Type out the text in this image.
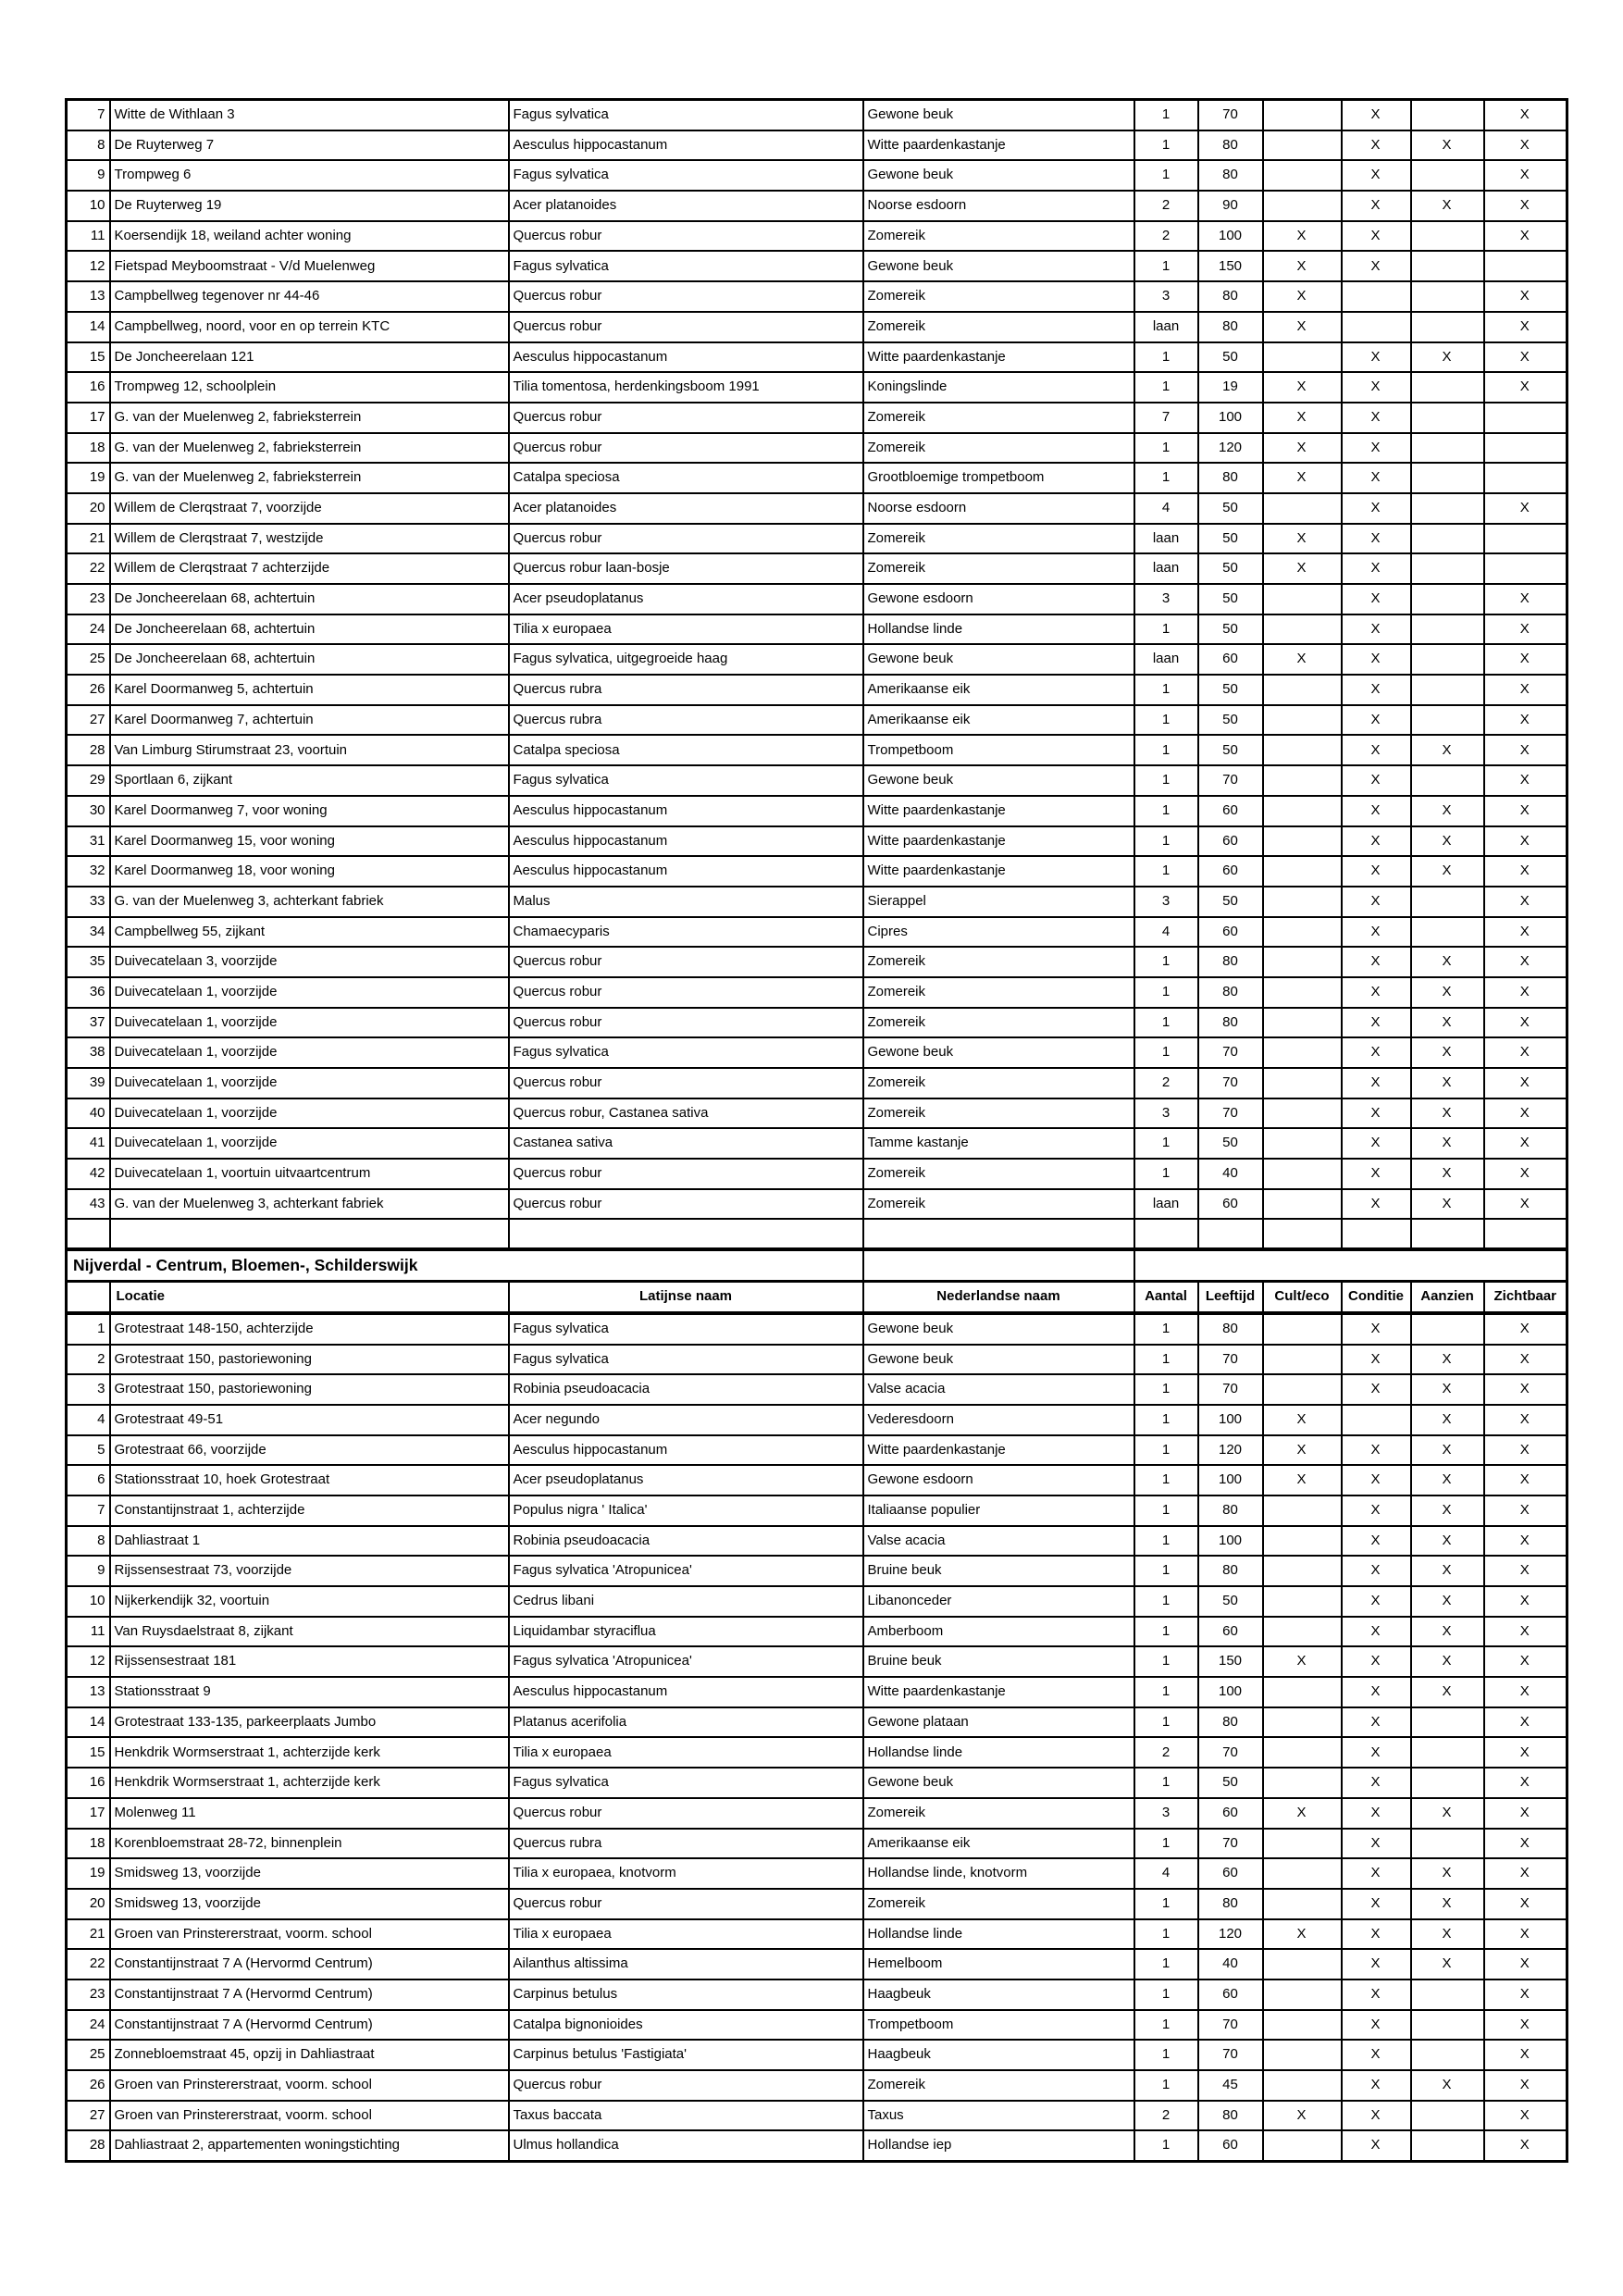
7	Witte de Withlaan 3	Fagus sylvatica	Gewone beuk	1	70		X		X
8	De Ruyterweg 7	Aesculus hippocastanum	Witte paardenkastanje	1	80		X	X	X
9	Trompweg 6	Fagus sylvatica	Gewone beuk	1	80		X		X
10	De Ruyterweg 19	Acer platanoides	Noorse esdoorn	2	90		X	X	X
11	Koersendijk 18, weiland achter woning	Quercus robur	Zomereik	2	100	X	X		X
12	Fietspad Meyboomstraat - V/d Muelenweg	Fagus sylvatica	Gewone beuk	1	150	X	X		
13	Campbellweg tegenover nr 44-46	Quercus robur	Zomereik	3	80	X			X
14	Campbellweg, noord, voor en op terrein KTC	Quercus robur	Zomereik	laan	80	X			X
15	De Joncheerelaan 121	Aesculus hippocastanum	Witte paardenkastanje	1	50		X	X	X
16	Trompweg 12, schoolplein	Tilia tomentosa, herdenkingsboom 1991	Koningslinde	1	19	X	X		X
17	G. van der Muelenweg 2, fabrieksterrein	Quercus robur	Zomereik	7	100	X	X		
18	G. van der Muelenweg 2, fabrieksterrein	Quercus robur	Zomereik	1	120	X	X		
19	G. van der Muelenweg 2, fabrieksterrein	Catalpa speciosa	Grootbloemige trompetboom	1	80	X	X		
20	Willem de Clerqstraat 7, voorzijde	Acer platanoides	Noorse esdoorn	4	50		X		X
21	Willem de Clerqstraat 7, westzijde	Quercus robur	Zomereik	laan	50	X	X		
22	Willem de Clerqstraat 7 achterzijde	Quercus robur laan-bosje	Zomereik	laan	50	X	X		
23	De Joncheerelaan 68, achtertuin	Acer pseudoplatanus	Gewone esdoorn	3	50		X		X
24	De Joncheerelaan 68, achtertuin	Tilia x europaea	Hollandse linde	1	50		X		X
25	De Joncheerelaan 68, achtertuin	Fagus sylvatica, uitgegroeide haag	Gewone beuk	laan	60	X	X		X
26	Karel Doormanweg 5, achtertuin	Quercus rubra	Amerikaanse eik	1	50		X		X
27	Karel Doormanweg 7, achtertuin	Quercus rubra	Amerikaanse eik	1	50		X		X
28	Van Limburg Stirumstraat 23, voortuin	Catalpa speciosa	Trompetboom	1	50		X	X	X
29	Sportlaan 6, zijkant	Fagus sylvatica	Gewone beuk	1	70		X		X
30	Karel Doormanweg 7, voor woning	Aesculus hippocastanum	Witte paardenkastanje	1	60		X	X	X
31	Karel Doormanweg 15, voor woning	Aesculus hippocastanum	Witte paardenkastanje	1	60		X	X	X
32	Karel Doormanweg 18, voor woning	Aesculus hippocastanum	Witte paardenkastanje	1	60		X	X	X
33	G. van der Muelenweg 3, achterkant fabriek	Malus	Sierappel	3	50		X		X
34	Campbellweg 55, zijkant	Chamaecyparis	Cipres	4	60		X		X
35	Duivecatelaan 3, voorzijde	Quercus robur	Zomereik	1	80		X	X	X
36	Duivecatelaan 1, voorzijde	Quercus robur	Zomereik	1	80		X	X	X
37	Duivecatelaan 1, voorzijde	Quercus robur	Zomereik	1	80		X	X	X
38	Duivecatelaan 1, voorzijde	Fagus sylvatica	Gewone beuk	1	70		X	X	X
39	Duivecatelaan 1, voorzijde	Quercus robur	Zomereik	2	70		X	X	X
40	Duivecatelaan 1, voorzijde	Quercus robur, Castanea sativa	Zomereik	3	70		X	X	X
41	Duivecatelaan 1, voorzijde	Castanea sativa	Tamme kastanje	1	50		X	X	X
42	Duivecatelaan 1, voortuin uitvaartcentrum	Quercus robur	Zomereik	1	40		X	X	X
43	G. van der Muelenweg 3, achterkant fabriek	Quercus robur	Zomereik	laan	60		X	X	X

Nijverdal - Centrum, Bloemen-, Schilderswijk									
	Locatie	Latijnse naam	Nederlandse naam	Aantal	Leeftijd	Cult/eco	Conditie	Aanzien	Zichtbaar
1	Grotestraat 148-150, achterzijde	Fagus sylvatica	Gewone beuk	1	80		X		X
2	Grotestraat 150, pastoriewoning	Fagus sylvatica	Gewone beuk	1	70		X	X	X
3	Grotestraat 150, pastoriewoning	Robinia pseudoacacia	Valse acacia	1	70		X	X	X
4	Grotestraat 49-51	Acer negundo	Vederesdoorn	1	100	X		X	X
5	Grotestraat 66, voorzijde	Aesculus hippocastanum	Witte paardenkastanje	1	120	X	X	X	X
6	Stationsstraat 10, hoek Grotestraat	Acer pseudoplatanus	Gewone esdoorn	1	100	X	X	X	X
7	Constantijnstraat 1, achterzijde	Populus nigra ' Italica'	Italiaanse populier	1	80		X	X	X
8	Dahliastraat 1	Robinia pseudoacacia	Valse acacia	1	100		X	X	X
9	Rijssensestraat 73, voorzijde	Fagus sylvatica 'Atropunicea'	Bruine beuk	1	80		X	X	X
10	Nijkerkendijk 32, voortuin	Cedrus libani	Libanonceder	1	50		X	X	X
11	Van Ruysdaelstraat 8, zijkant	Liquidambar styraciflua	Amberboom	1	60		X	X	X
12	Rijssensestraat 181	Fagus sylvatica 'Atropunicea'	Bruine beuk	1	150	X	X	X	X
13	Stationsstraat 9	Aesculus hippocastanum	Witte paardenkastanje	1	100		X	X	X
14	Grotestraat 133-135, parkeerplaats Jumbo	Platanus acerifolia	Gewone plataan	1	80		X		X
15	Henkdrik Wormserstraat 1, achterzijde kerk	Tilia x europaea	Hollandse linde	2	70		X		X
16	Henkdrik Wormserstraat 1, achterzijde kerk	Fagus sylvatica	Gewone beuk	1	50		X		X
17	Molenweg 11	Quercus robur	Zomereik	3	60	X	X	X	X
18	Korenbloemstraat 28-72, binnenplein	Quercus rubra	Amerikaanse eik	1	70		X		X
19	Smidsweg 13, voorzijde	Tilia x europaea, knotvorm	Hollandse linde, knotvorm	4	60		X	X	X
20	Smidsweg 13, voorzijde	Quercus robur	Zomereik	1	80		X	X	X
21	Groen van Prinstererstraat, voorm. school	Tilia x europaea	Hollandse linde	1	120	X	X	X	X
22	Constantijnstraat 7 A (Hervormd Centrum)	Ailanthus altissima	Hemelboom	1	40		X	X	X
23	Constantijnstraat 7 A (Hervormd Centrum)	Carpinus betulus	Haagbeuk	1	60		X		X
24	Constantijnstraat 7 A (Hervormd Centrum)	Catalpa bignonioides	Trompetboom	1	70		X		X
25	Zonnebloemstraat 45, opzij in Dahliastraat	Carpinus betulus 'Fastigiata'	Haagbeuk	1	70		X		X
26	Groen van Prinstererstraat, voorm. school	Quercus robur	Zomereik	1	45		X	X	X
27	Groen van Prinstererstraat, voorm. school	Taxus baccata	Taxus	2	80	X	X		X
28	Dahliastraat 2, appartementen woningstichting	Ulmus hollandica	Hollandse iep	1	60		X		X
